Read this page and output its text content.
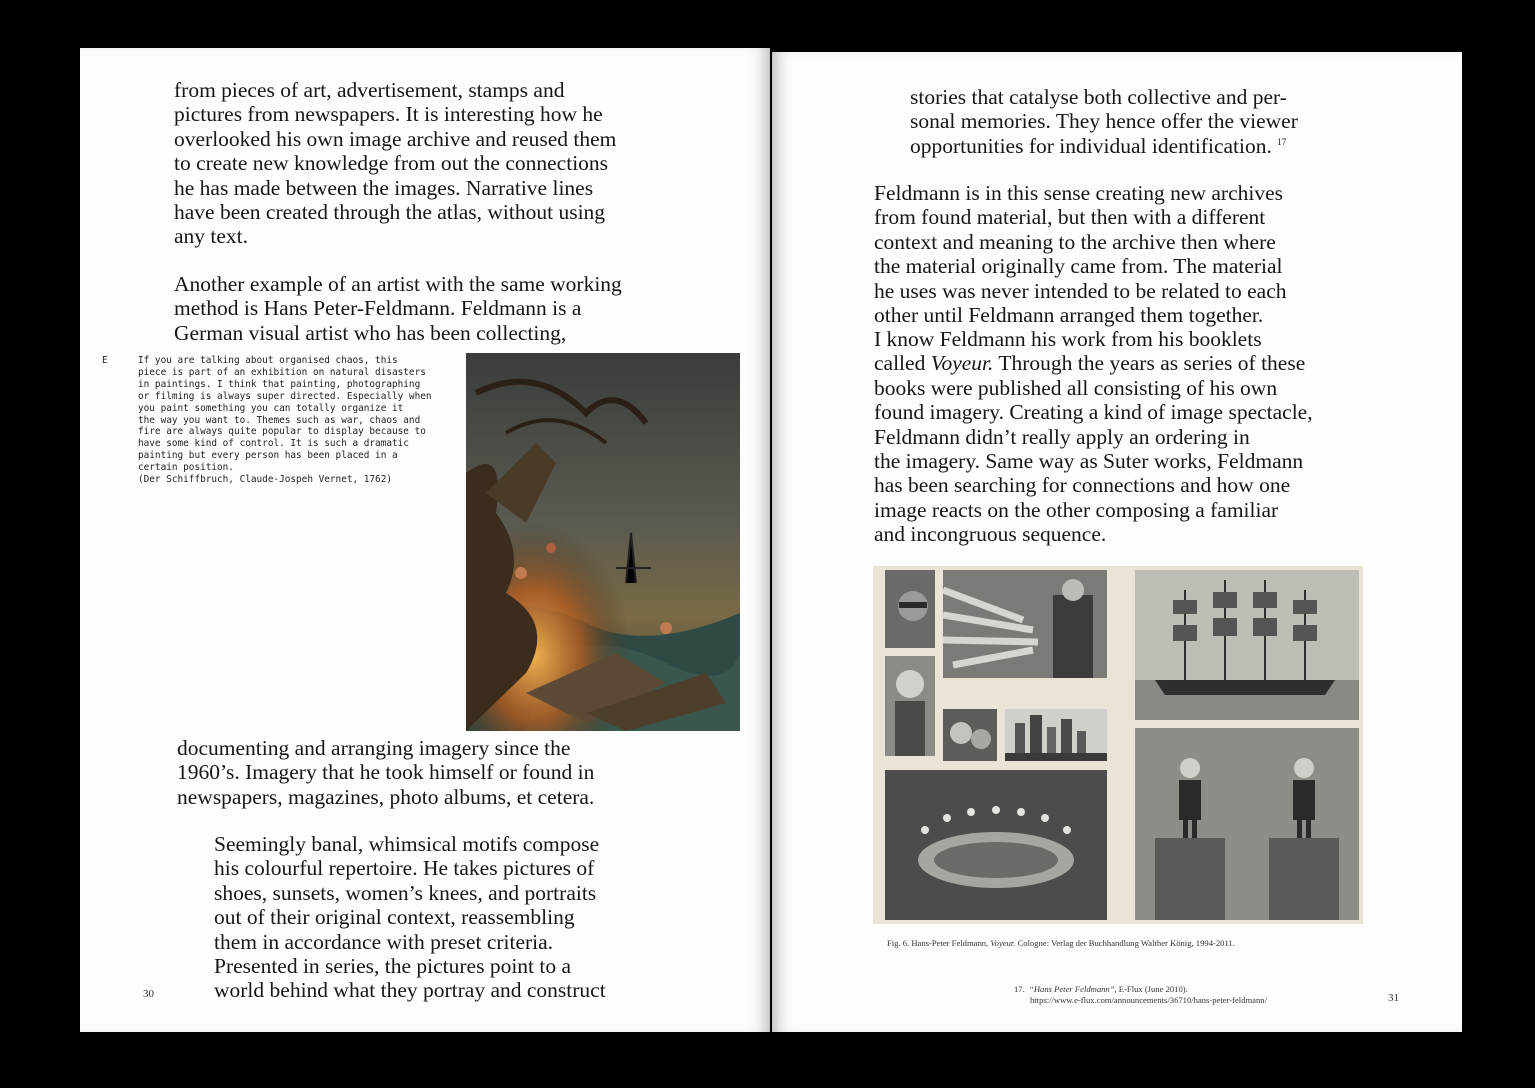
from pieces of art, advertisement, stamps and
pictures from newspapers. It is interesting how he
overlooked his own image archive and reused them
to create new knowledge from out the connections
he has made between the images. Narrative lines
have been created through the atlas, without using
any text.
Another example of an artist with the same working
method is Hans Peter-Feldmann. Feldmann is a
German visual artist who has been collecting,
E	If you are talking about organised chaos, this
piece is part of an exhibition on natural disasters
in paintings. I think that painting, photographing
or filming is always super directed. Especially when
you paint something you can totally organize it
the way you want to. Themes such as war, chaos and
fire are always quite popular to display because to
have some kind of control. It is such a dramatic
painting but every person has been placed in a
certain position.
(Der Schiffbruch, Claude-Jospeh Vernet, 1762)
documenting and arranging imagery since the
1960’s. Imagery that he took himself or found in
newspapers, magazines, photo albums, et cetera.
Seemingly banal, whimsical motifs compose
his colourful repertoire. He takes pictures of
shoes, sunsets, women’s knees, and portraits
out of their original context, reassembling
them in accordance with preset criteria.
Presented in series, the pictures point to a
world behind what they portray and construct
30
stories that catalyse both collective and per-
sonal memories. They hence offer the viewer
opportunities for individual identification. $^{17}$
Feldmann is in this sense creating new archives
from found material, but then with a different
context and meaning to the archive then where
the material originally came from. The material
he uses was never intended to be related to each
other until Feldmann arranged them together.
I know Feldmann his work from his booklets
called Voyeur. Through the years as series of these
books were published all consisting of his own
found imagery. Creating a kind of image spectacle,
Feldmann didn’t really apply an ordering in
the imagery. Same way as Suter works, Feldmann
has been searching for connections and how one
image reacts on the other composing a familiar
and incongruous sequence.
Fig. 6. Hans-Peter Feldmann, Voyeur. Cologne: Verlag der Buchhandlung Walther König, 1994-2011.
17. “Hans Peter Feldmann”, E-Flux (June 2010).
https://www.e-flux.com/announcements/36710/hans-peter-feldmann/	31
